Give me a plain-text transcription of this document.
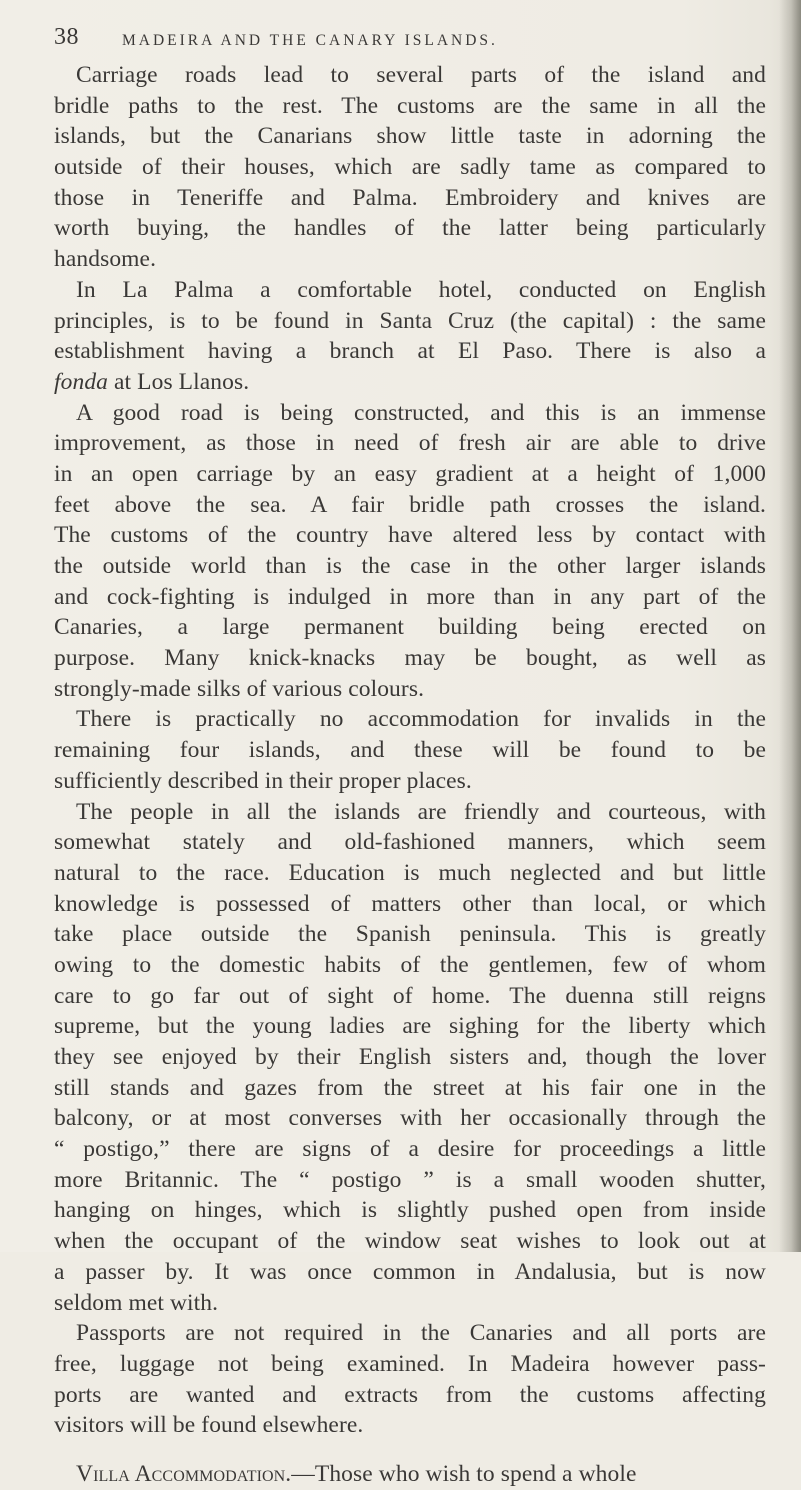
38	MADEIRA AND THE CANARY ISLANDS.
Carriage roads lead to several parts of the island and
bridle paths to the rest. The customs are the same in all the
islands, but the Canarians show little taste in adorning the
outside of their houses, which are sadly tame as compared to
those in Teneriffe and Palma. Embroidery and knives are
worth buying, the handles of the latter being particularly
handsome.
In La Palma a comfortable hotel, conducted on English
principles, is to be found in Santa Cruz (the capital) : the same
establishment having a branch at El Paso. There is also a
fonda at Los Llanos.
A good road is being constructed, and this is an immense
improvement, as those in need of fresh air are able to drive
in an open carriage by an easy gradient at a height of 1,000
feet above the sea. A fair bridle path crosses the island.
The customs of the country have altered less by contact with
the outside world than is the case in the other larger islands
and cock-fighting is indulged in more than in any part of the
Canaries, a large permanent building being erected on
purpose. Many knick-knacks may be bought, as well as
strongly-made silks of various colours.
There is practically no accommodation for invalids in the
remaining four islands, and these will be found to be
sufficiently described in their proper places.
The people in all the islands are friendly and courteous, with
somewhat stately and old-fashioned manners, which seem
natural to the race. Education is much neglected and but little
knowledge is possessed of matters other than local, or which
take place outside the Spanish peninsula. This is greatly
owing to the domestic habits of the gentlemen, few of whom
care to go far out of sight of home. The duenna still reigns
supreme, but the young ladies are sighing for the liberty which
they see enjoyed by their English sisters and, though the lover
still stands and gazes from the street at his fair one in the
balcony, or at most converses with her occasionally through the
“ postigo,” there are signs of a desire for proceedings a little
more Britannic. The “ postigo ” is a small wooden shutter,
hanging on hinges, which is slightly pushed open from inside
when the occupant of the window seat wishes to look out at
a passer by. It was once common in Andalusia, but is now
seldom met with.
Passports are not required in the Canaries and all ports are
free, luggage not being examined. In Madeira however pass-
ports are wanted and extracts from the customs affecting
visitors will be found elsewhere.
Villa Accommodation.—Those who wish to spend a whole
